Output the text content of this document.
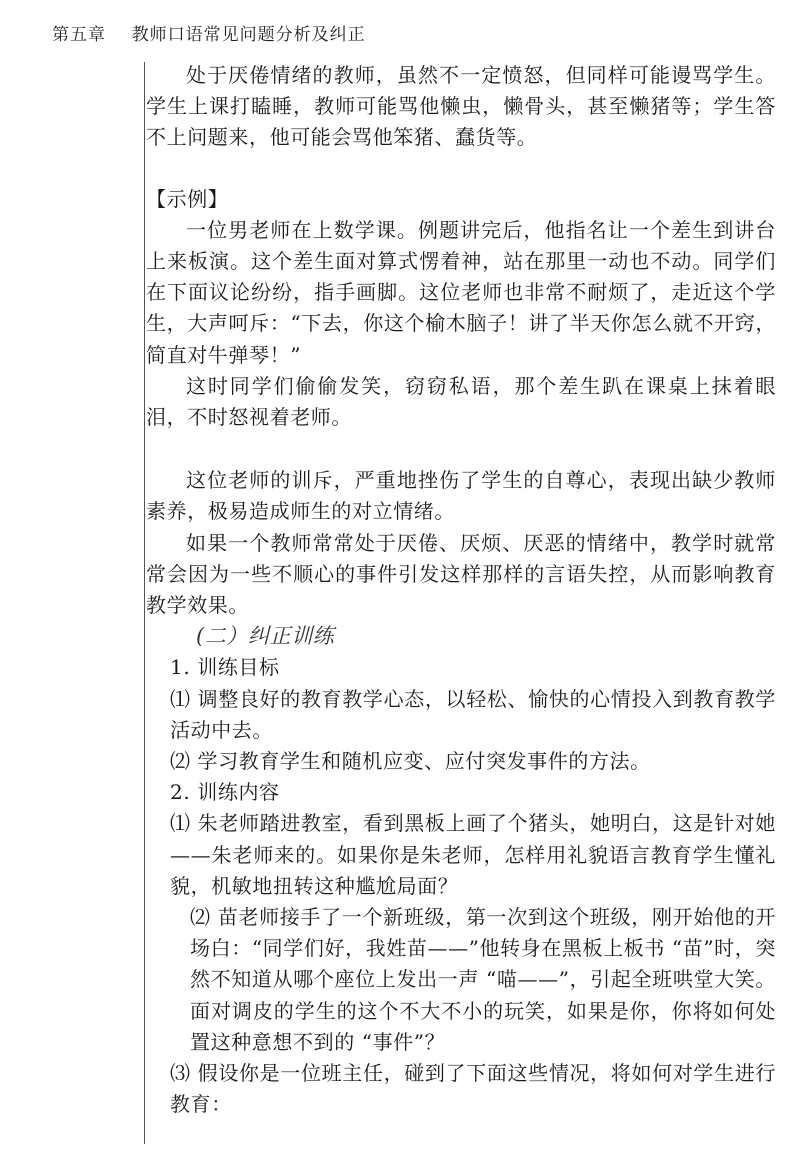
第五章 教师口语常见问题分析及纠正

处于厌倦情绪的教师，虽然不一定愤怒，但同样可能谩骂学生。学生上课打瞌睡，教师可能骂他懒虫，懒骨头，甚至懒猪等；学生答不上问题来，他可能会骂他笨猪、蠢货等。

【示例】

一位男老师在上数学课。例题讲完后，他指名让一个差生到讲台上来板演。这个差生面对算式愣着神，站在那里一动也不动。同学们在下面议论纷纷，指手画脚。这位老师也非常不耐烦了，走近这个学生，大声呵斥：“下去，你这个榆木脑子！讲了半天你怎么就不开窍，简直对牛弹琴！”

这时同学们偷偷发笑，窃窃私语，那个差生趴在课桌上抹着眼泪，不时怒视着老师。

这位老师的训斥，严重地挫伤了学生的自尊心，表现出缺少教师素养，极易造成师生的对立情绪。

如果一个教师常常处于厌倦、厌烦、厌恶的情绪中，教学时就常常会因为一些不顺心的事件引发这样那样的言语失控，从而影响教育教学效果。

(二）纠正训练

1. 训练目标

⑴ 调整良好的教育教学心态，以轻松、愉快的心情投入到教育教学活动中去。

⑵ 学习教育学生和随机应变、应付突发事件的方法。

2. 训练内容

⑴ 朱老师踏进教室，看到黑板上画了个猪头，她明白，这是针对她——朱老师来的。如果你是朱老师，怎样用礼貌语言教育学生懂礼貌，机敏地扭转这种尴尬局面？

⑵ 苗老师接手了一个新班级，第一次到这个班级，刚开始他的开场白：“同学们好，我姓苗——”他转身在黑板上板书 “苗”时，突然不知道从哪个座位上发出一声 “喵——”，引起全班哄堂大笑。面对调皮的学生的这个不大不小的玩笑，如果是你，你将如何处置这种意想不到的 “事件”？

⑶ 假设你是一位班主任，碰到了下面这些情况，将如何对学生进行教育：
